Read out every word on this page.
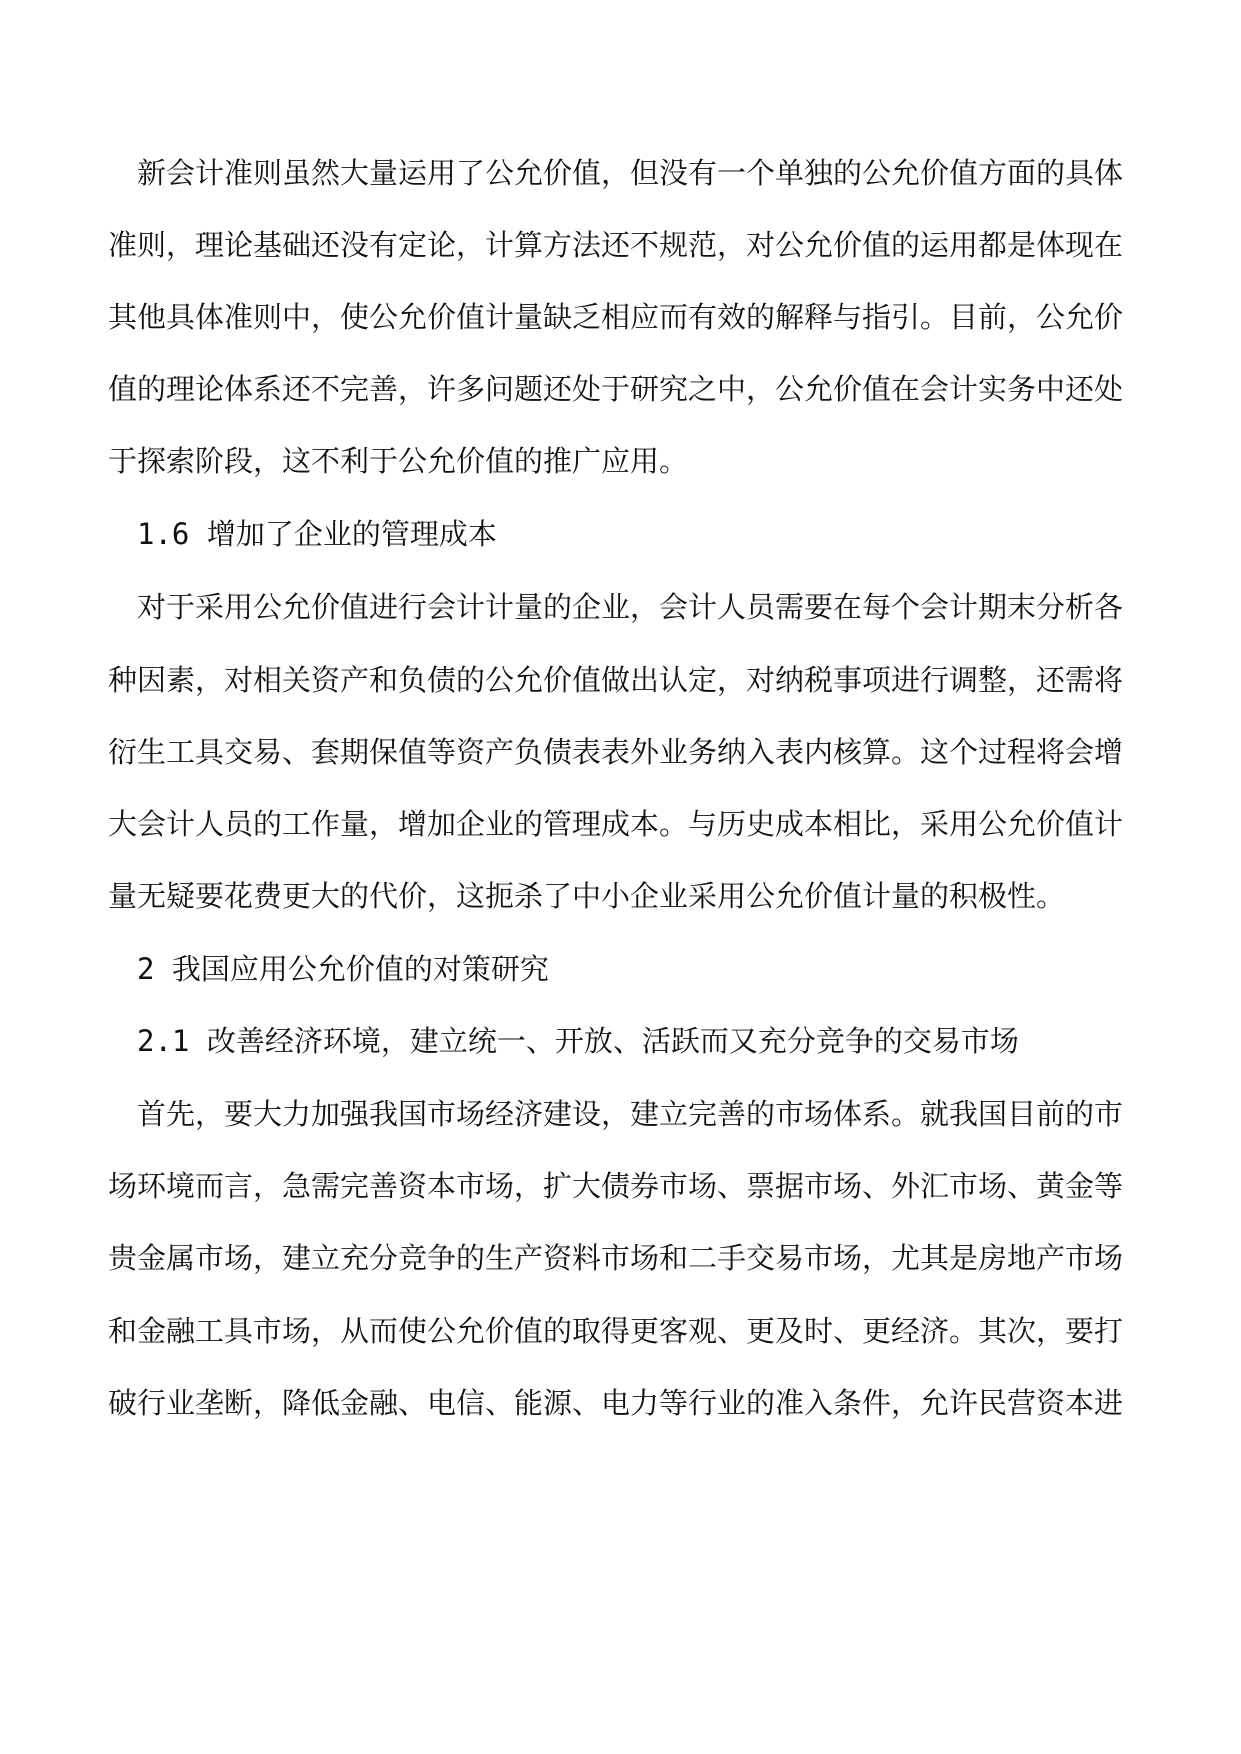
新会计准则虽然大量运用了公允价值，但没有一个单独的公允价值方面的具体
准则，理论基础还没有定论，计算方法还不规范，对公允价值的运用都是体现在
其他具体准则中，使公允价值计量缺乏相应而有效的解释与指引。目前，公允价
值的理论体系还不完善，许多问题还处于研究之中，公允价值在会计实务中还处
于探索阶段，这不利于公允价值的推广应用。
1.6 增加了企业的管理成本
对于采用公允价值进行会计计量的企业，会计人员需要在每个会计期末分析各
种因素，对相关资产和负债的公允价值做出认定，对纳税事项进行调整，还需将
衍生工具交易、套期保值等资产负债表表外业务纳入表内核算。这个过程将会增
大会计人员的工作量，增加企业的管理成本。与历史成本相比，采用公允价值计
量无疑要花费更大的代价，这扼杀了中小企业采用公允价值计量的积极性。
2 我国应用公允价值的对策研究
2.1 改善经济环境，建立统一、开放、活跃而又充分竞争的交易市场
首先，要大力加强我国市场经济建设，建立完善的市场体系。就我国目前的市
场环境而言，急需完善资本市场，扩大债券市场、票据市场、外汇市场、黄金等
贵金属市场，建立充分竞争的生产资料市场和二手交易市场，尤其是房地产市场
和金融工具市场，从而使公允价值的取得更客观、更及时、更经济。其次，要打
破行业垄断，降低金融、电信、能源、电力等行业的准入条件，允许民营资本进
